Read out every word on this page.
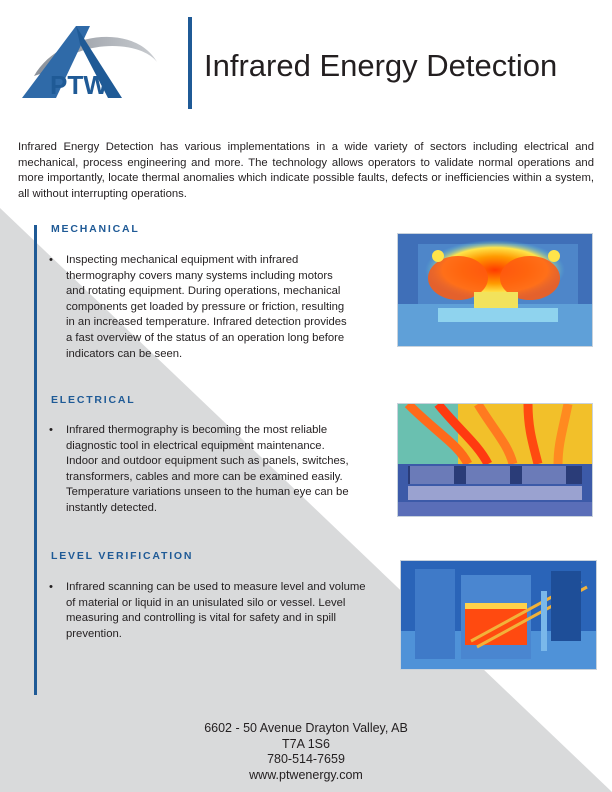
PTW
Infrared Energy Detection
Infrared Energy Detection has various implementations in a wide variety of sectors including electrical and mechanical, process engineering and more. The technology allows operators to validate normal operations and more importantly, locate thermal anomalies which indicate possible faults, defects or inefficiencies within a system, all without interrupting operations.
MECHANICAL
• Inspecting mechanical equipment with infrared
thermography covers many systems including motors
and rotating equipment. During operations, mechanical
components get loaded by pressure or friction, resulting
in an increased temperature. Infrared detection provides
a fast overview of the status of an operation long before
indicators can be seen.
ELECTRICAL
• Infrared thermography is becoming the most reliable
diagnostic tool in electrical equipment maintenance.
Indoor and outdoor equipment such as panels, switches,
transformers, cables and more can be examined easily.
Temperature variations unseen to the human eye can be
instantly detected.
LEVEL VERIFICATION
• Infrared scanning can be used to measure level and volume
of material or liquid in an unisulated silo or vessel. Level
measuring and controlling is vital for safety and in spill
prevention.
6602 - 50 Avenue Drayton Valley, AB
T7A 1S6
780-514-7659
www.ptwenergy.com
